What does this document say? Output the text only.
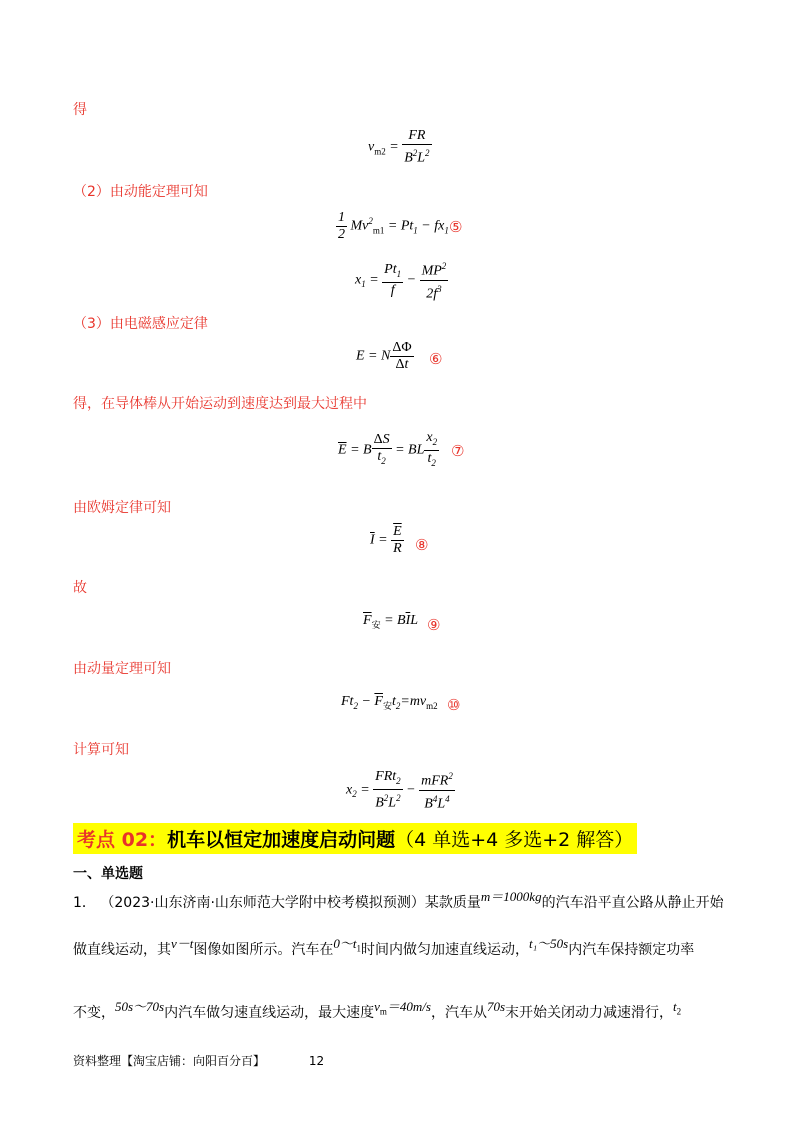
得
$v_{m2} = \frac{FR}{B^2L^2}$
（2）由动能定理可知
$\frac{1}{2} Mv^2_{m1} = Pt_1 - fx_1$ ⑤
$x_1 = \frac{Pt_1}{f} - \frac{MP^2}{2f^3}$
（3）由电磁感应定律
E = N $\frac{\Delta\Phi}{\Delta t}$ ⑥
得，在导体棒从开始运动到速度达到最大过程中
$\overline{E} = B \frac{\Delta S}{t_2}$ = BL $\frac{x_2}{t_2}$ ⑦
由欧姆定律可知
$\overline{I} = \frac{\overline{E}}{R}$ ⑧
故
$\overline{F}_安 = B\overline{I}L$ ⑨
由动量定理可知
$Ft_2 - \overline{F}_安t_2=mv_{m2}$ ⑩
计算可知
$x_2 = \frac{FRt_2}{B^2L^2} - \frac{mFR^2}{B^4L^4}$
考点 02：机车以恒定加速度启动问题（4 单选+4 多选+2 解答）
一、单选题
1． （2023·山东济南·山东师范大学附中校考模拟预测）某款质量m＝1000kg的汽车沿平直公路从静止开始
做直线运动，其v－t图像如图所示。汽车在$0\sim t_1$时间内做匀加速直线运动，t₁～50s内汽车保持额定功率
不变，50s～70s内汽车做匀速直线运动，最大速度$v_m=40m/s$，汽车从70s末开始关闭动力减速滑行，$t_2$
资料整理【淘宝店铺：向阳百分百】	12
